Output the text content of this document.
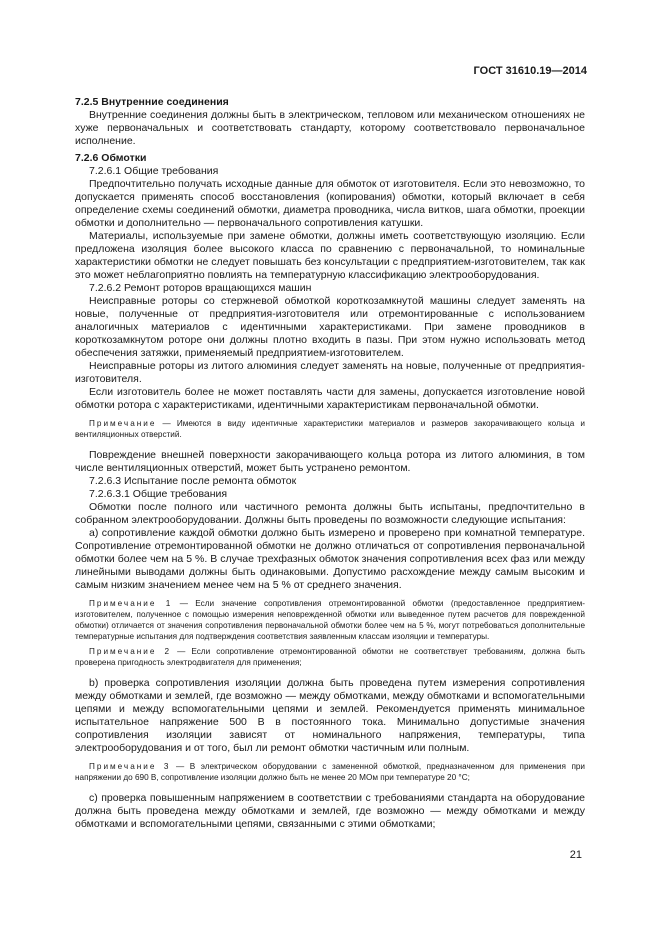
ГОСТ 31610.19—2014

7.2.5 Внутренние соединения

Внутренние соединения должны быть в электрическом, тепловом или механическом отношениях не хуже первоначальных и соответствовать стандарту, которому соответствовало первоначальное исполнение.

7.2.6 Обмотки

7.2.6.1 Общие требования

Предпочтительно получать исходные данные для обмоток от изготовителя. Если это невозможно, то допускается применять способ восстановления (копирования) обмотки, который включает в себя определение схемы соединений обмотки, диаметра проводника, числа витков, шага обмотки, проекции обмотки и дополнительно — первоначального сопротивления катушки.

Материалы, используемые при замене обмотки, должны иметь соответствующую изоляцию. Если предложена изоляция более высокого класса по сравнению с первоначальной, то номинальные характеристики обмотки не следует повышать без консультации с предприятием-изготовителем, так как это может неблагоприятно повлиять на температурную классификацию электрооборудования.

7.2.6.2 Ремонт роторов вращающихся машин

Неисправные роторы со стержневой обмоткой короткозамкнутой машины следует заменять на новые, полученные от предприятия-изготовителя или отремонтированные с использованием аналогичных материалов с идентичными характеристиками. При замене проводников в короткозамкнутом роторе они должны плотно входить в пазы. При этом нужно использовать метод обеспечения затяжки, применяемый предприятием-изготовителем.

Неисправные роторы из литого алюминия следует заменять на новые, полученные от предприятия-изготовителя.

Если изготовитель более не может поставлять части для замены, допускается изготовление новой обмотки ротора с характеристиками, идентичными характеристикам первоначальной обмотки.

Примечание — Имеются в виду идентичные характеристики материалов и размеров закорачивающего кольца и вентиляционных отверстий.

Повреждение внешней поверхности закорачивающего кольца ротора из литого алюминия, в том числе вентиляционных отверстий, может быть устранено ремонтом.

7.2.6.3 Испытание после ремонта обмоток

7.2.6.3.1 Общие требования

Обмотки после полного или частичного ремонта должны быть испытаны, предпочтительно в собранном электрооборудовании. Должны быть проведены по возможности следующие испытания:

а) сопротивление каждой обмотки должно быть измерено и проверено при комнатной температуре. Сопротивление отремонтированной обмотки не должно отличаться от сопротивления первоначальной обмотки более чем на 5 %. В случае трехфазных обмоток значения сопротивления всех фаз или между линейными выводами должны быть одинаковыми. Допустимо расхождение между самым высоким и самым низким значением менее чем на 5 % от среднего значения.

Примечание 1 — Если значение сопротивления отремонтированной обмотки (предоставленное предприятием-изготовителем, полученное с помощью измерения неповрежденной обмотки или выведенное путем расчетов для поврежденной обмотки) отличается от значения сопротивления первоначальной обмотки более чем на 5 %, могут потребоваться дополнительные температурные испытания для подтверждения соответствия заявленным классам изоляции и температуры.

Примечание 2 — Если сопротивление отремонтированной обмотки не соответствует требованиям, должна быть проверена пригодность электродвигателя для применения;

b) проверка сопротивления изоляции должна быть проведена путем измерения сопротивления между обмотками и землей, где возможно — между обмотками, между обмотками и вспомогательными цепями и между вспомогательными цепями и землей. Рекомендуется применять минимальное испытательное напряжение 500 В в постоянного тока. Минимально допустимые значения сопротивления изоляции зависят от номинального напряжения, температуры, типа электрооборудования и от того, был ли ремонт обмотки частичным или полным.

Примечание 3 — В электрическом оборудовании с замененной обмоткой, предназначенном для применения при напряжении до 690 В, сопротивление изоляции должно быть не менее 20 МОм при температуре 20 °С;

c) проверка повышенным напряжением в соответствии с требованиями стандарта на оборудование должна быть проведена между обмотками и землей, где возможно — между обмотками и между обмотками и вспомогательными цепями, связанными с этими обмотками;

21
